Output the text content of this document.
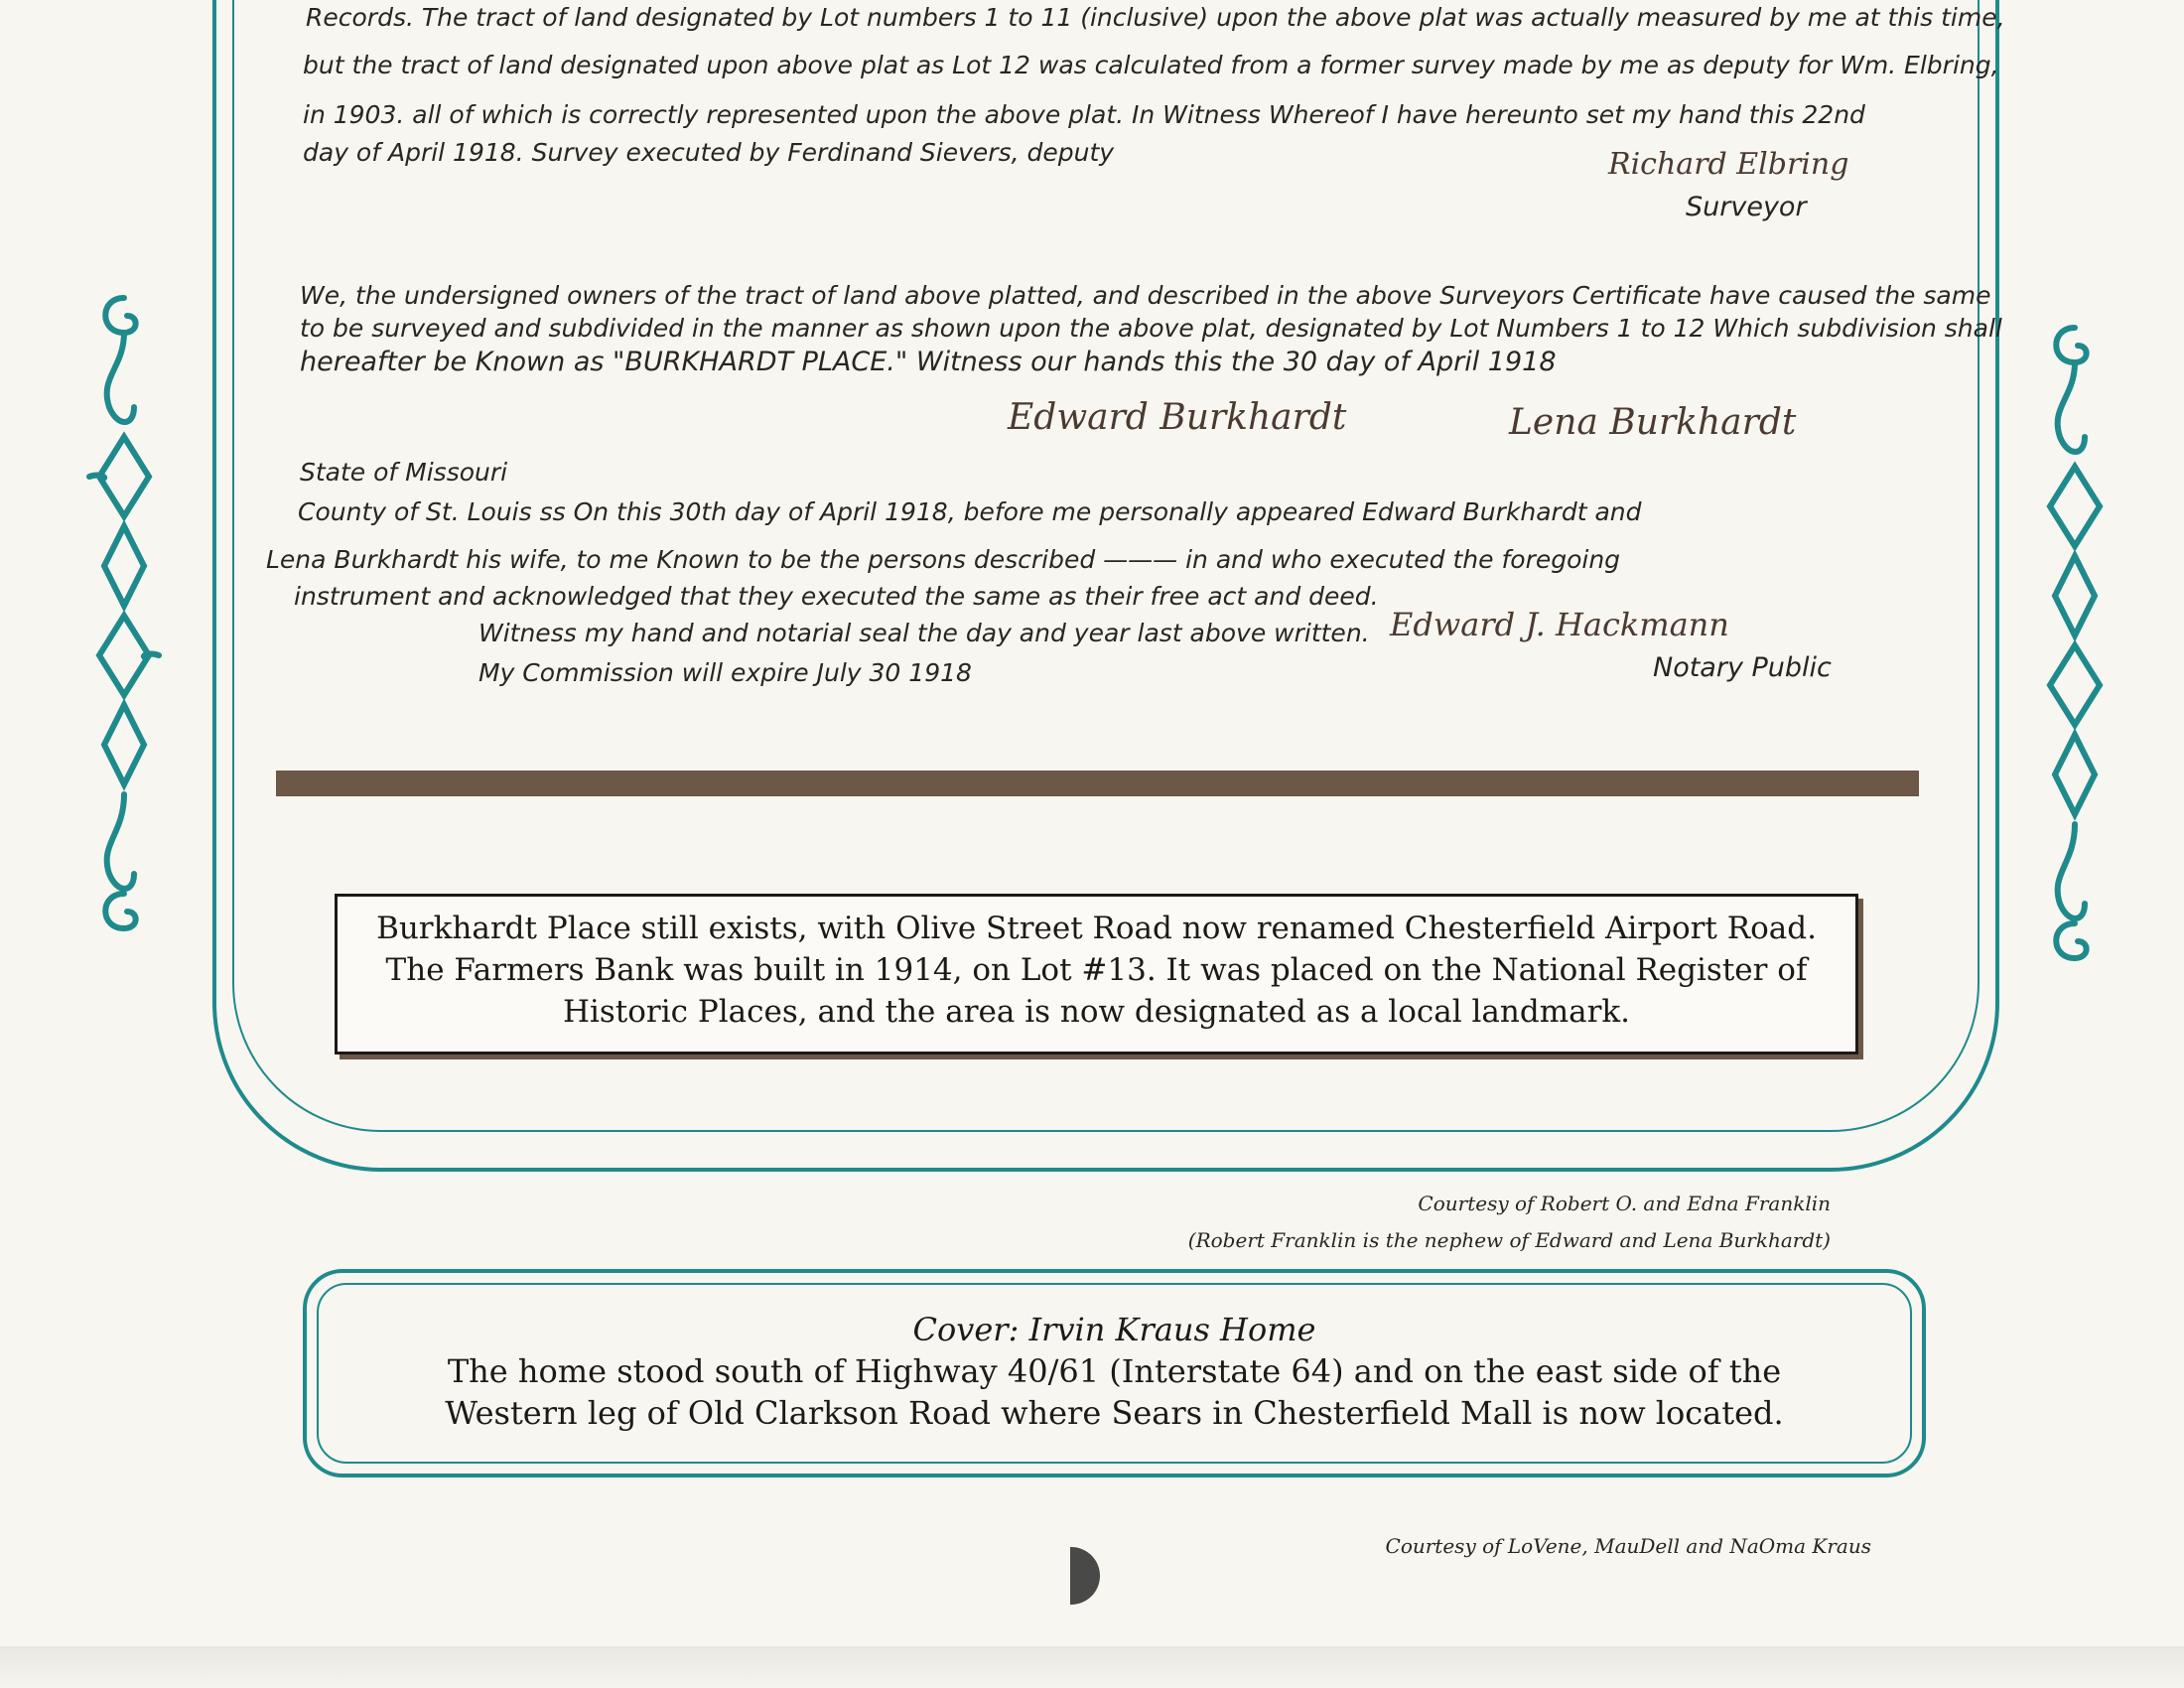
Records. The tract of land designated by Lot numbers 1 to 11 (inclusive) upon the above plat was actually measured by me at this time,

but the tract of land designated upon above plat as Lot 12 was calculated from a former survey made by me as deputy for Wm. Elbring,

in 1903. all of which is correctly represented upon the above plat. In Witness Whereof I have hereunto set my hand this 22nd

day of April 1918. Survey executed by Ferdinand Sievers, deputy	Richard Elbring

Surveyor

We, the undersigned owners of the tract of land above platted, and described in the above Surveyors Certificate have caused the same

to be surveyed and subdivided in the manner as shown upon the above plat, designated by Lot Numbers 1 to 12 Which subdivision shall

hereafter be Known as "BURKHARDT PLACE." Witness our hands this the 30 day of April 1918

Edward Burkhardt	Lena Burkhardt

State of Missouri

County of St. Louis ss On this 30th day of April 1918, before me personally appeared Edward Burkhardt and

Lena Burkhardt his wife, to me Known to be the persons described ——— in and who executed the foregoing

instrument and acknowledged that they executed the same as their free act and deed.

Witness my hand and notarial seal the day and year last above written.

My Commission will expire July 30 1918

Edward J. Hackmann

Notary Public

Burkhardt Place still exists, with Olive Street Road now renamed Chesterfield Airport Road.
The Farmers Bank was built in 1914, on Lot #13. It was placed on the National Register of
Historic Places, and the area is now designated as a local landmark.
Courtesy of Robert O. and Edna Franklin
(Robert Franklin is the nephew of Edward and Lena Burkhardt)
Cover: Irvin Kraus Home
The home stood south of Highway 40/61 (Interstate 64) and on the east side of the
Western leg of Old Clarkson Road where Sears in Chesterfield Mall is now located.
Courtesy of LoVene, MauDell and NaOma Kraus
